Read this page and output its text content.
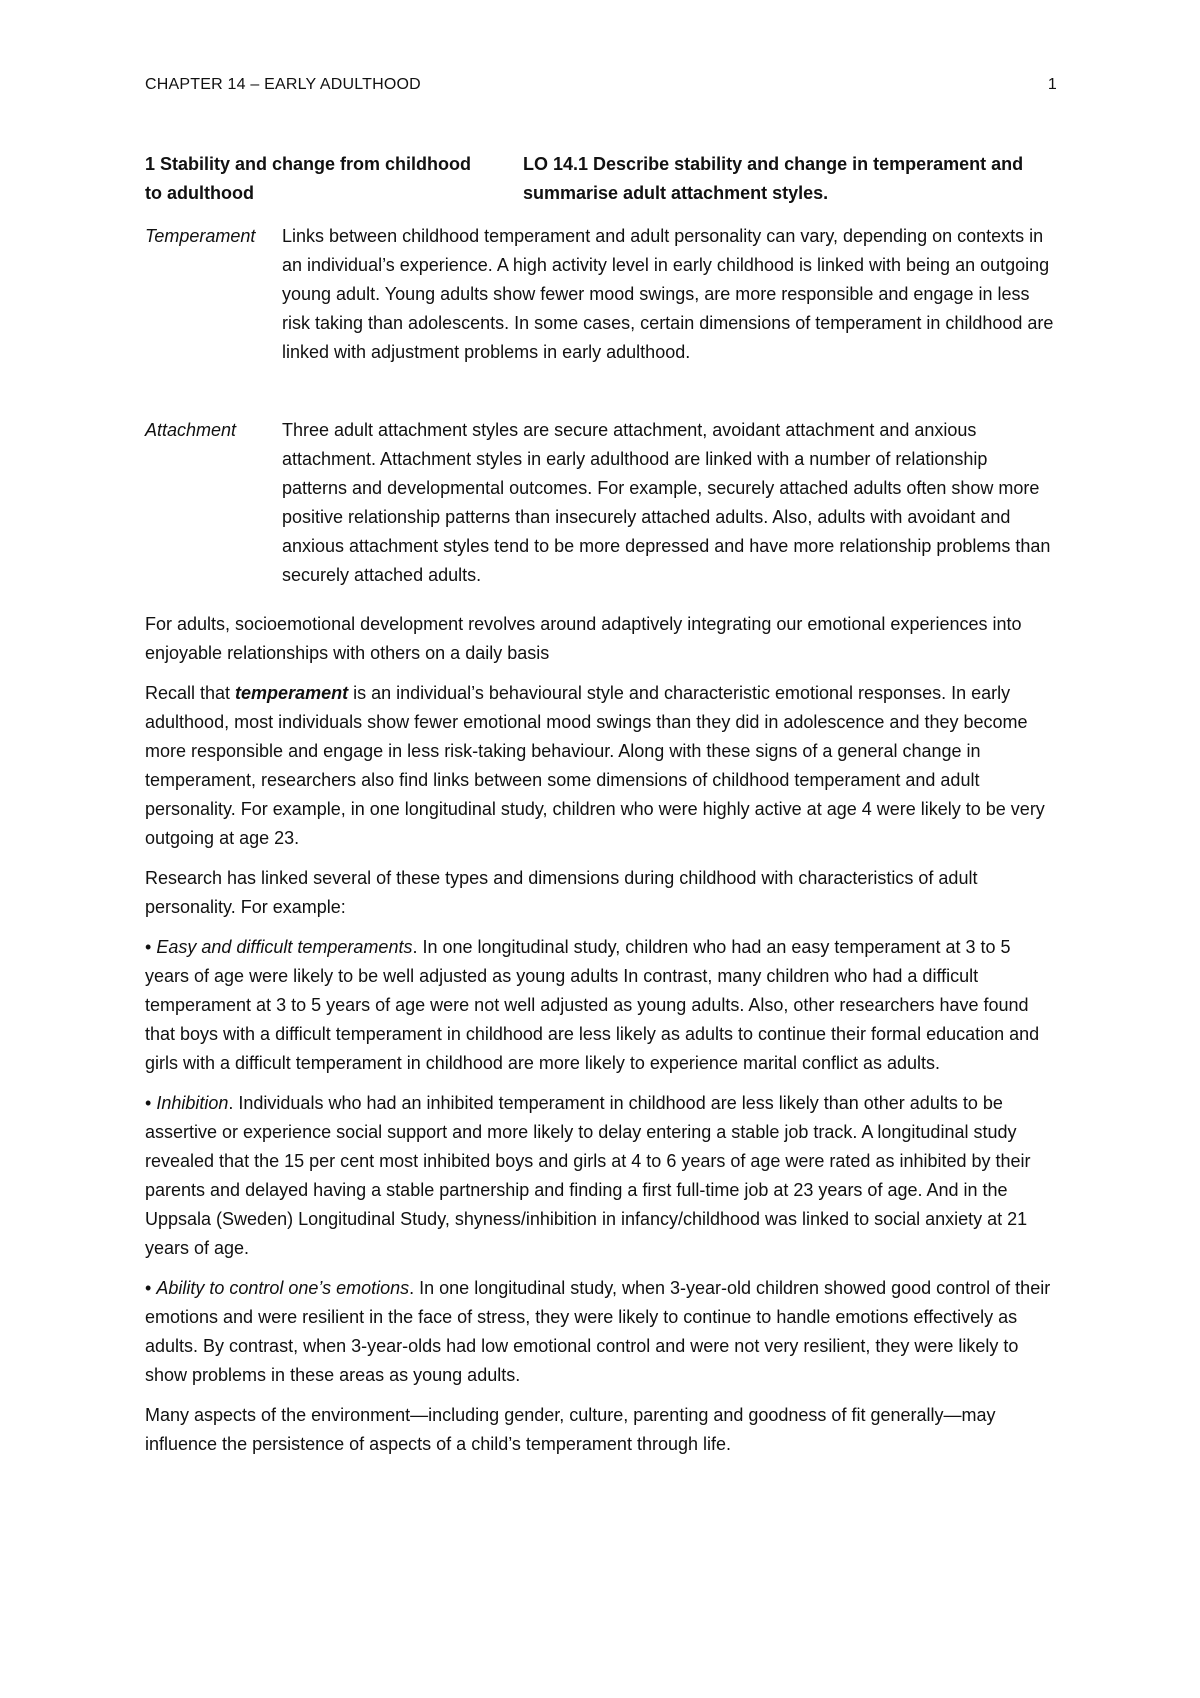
CHAPTER 14 – EARLY ADULTHOOD	1
1 Stability and change from childhood to adulthood
LO 14.1 Describe stability and change in temperament and summarise adult attachment styles.
Temperament Links between childhood temperament and adult personality can vary, depending on contexts in an individual’s experience. A high activity level in early childhood is linked with being an outgoing young adult. Young adults show fewer mood swings, are more responsible and engage in less risk taking than adolescents. In some cases, certain dimensions of temperament in childhood are linked with adjustment problems in early adulthood.
Attachment	Three adult attachment styles are secure attachment, avoidant attachment and anxious attachment. Attachment styles in early adulthood are linked with a number of relationship patterns and developmental outcomes. For example, securely attached adults often show more positive relationship patterns than insecurely attached adults. Also, adults with avoidant and anxious attachment styles tend to be more depressed and have more relationship problems than securely attached adults.

For adults, socioemotional development revolves around adaptively integrating our emotional experiences into enjoyable relationships with others on a daily basis

Recall that temperament is an individual’s behavioural style and characteristic emotional responses. In early adulthood, most individuals show fewer emotional mood swings than they did in adolescence and they become more responsible and engage in less risk-taking behaviour. Along with these signs of a general change in temperament, researchers also find links between some dimensions of childhood temperament and adult personality. For example, in one longitudinal study, children who were highly active at age 4 were likely to be very outgoing at age 23.

Research has linked several of these types and dimensions during childhood with characteristics of adult personality. For example:

• Easy and difficult temperaments. In one longitudinal study, children who had an easy temperament at 3 to 5 years of age were likely to be well adjusted as young adults In contrast, many children who had a difficult temperament at 3 to 5 years of age were not well adjusted as young adults. Also, other researchers have found that boys with a difficult temperament in childhood are less likely as adults to continue their formal education and girls with a difficult temperament in childhood are more likely to experience marital conflict as adults.

• Inhibition. Individuals who had an inhibited temperament in childhood are less likely than other adults to be assertive or experience social support and more likely to delay entering a stable job track. A longitudinal study revealed that the 15 per cent most inhibited boys and girls at 4 to 6 years of age were rated as inhibited by their parents and delayed having a stable partnership and finding a first full-time job at 23 years of age. And in the Uppsala (Sweden) Longitudinal Study, shyness/inhibition in infancy/childhood was linked to social anxiety at 21 years of age.

• Ability to control one’s emotions. In one longitudinal study, when 3-year-old children showed good control of their emotions and were resilient in the face of stress, they were likely to continue to handle emotions effectively as adults. By contrast, when 3-year-olds had low emotional control and were not very resilient, they were likely to show problems in these areas as young adults.

Many aspects of the environment—including gender, culture, parenting and goodness of fit generally—may influence the persistence of aspects of a child’s temperament through life.
